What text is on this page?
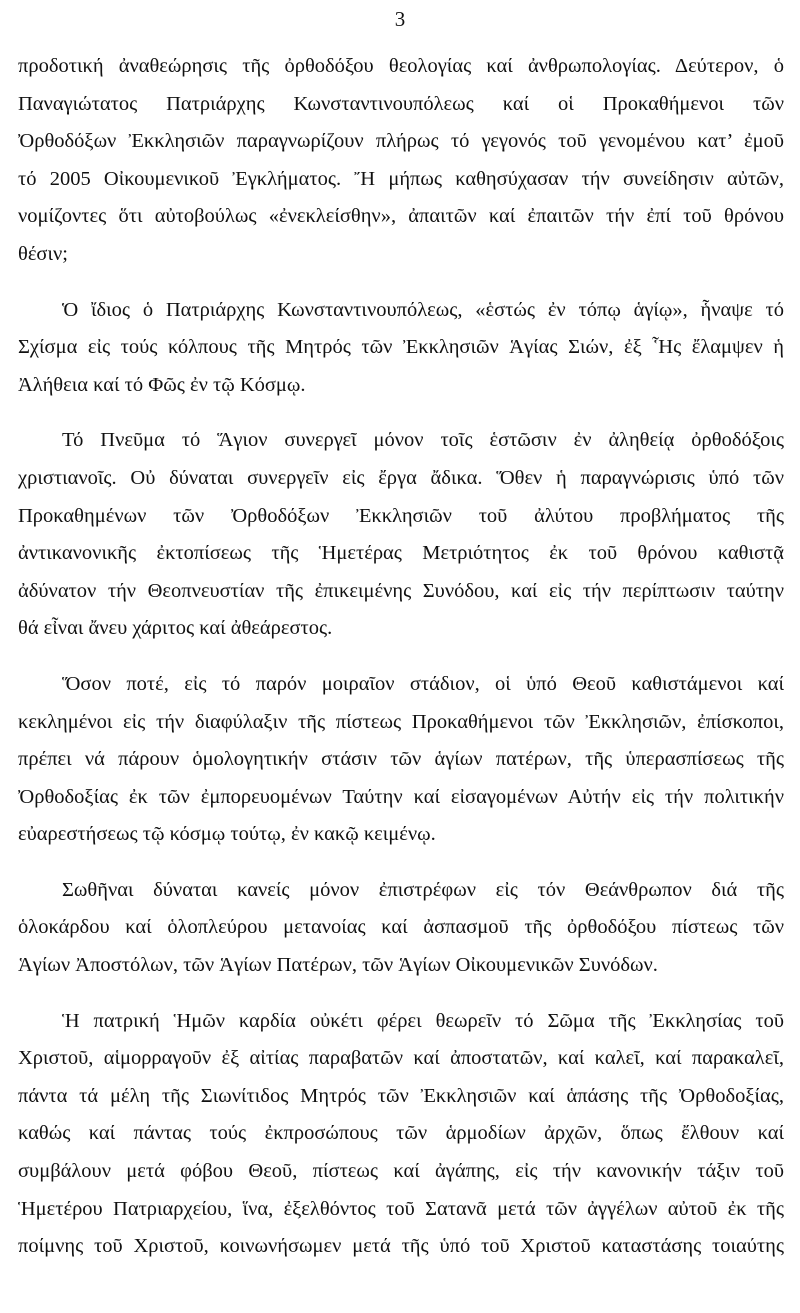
3

προδοτική ἀναθεώρησις τῆς ὀρθοδόξου θεολογίας καί ἀνθρωπολογίας. Δεύτερον, ὁ
Παναγιώτατος Πατριάρχης Κωνσταντινουπόλεως καί οἱ Προκαθήμενοι τῶν
Ὀρθοδόξων Ἐκκλησιῶν παραγνωρίζουν πλήρως τό γεγονός τοῦ γενομένου κατ’ ἐμοῦ
τό 2005 Οἰκουμενικοῦ Ἐγκλήματος. Ἤ μήπως καθησύχασαν τήν συνείδησιν αὐτῶν,
νομίζοντες ὅτι αὐτοβούλως «ἐνεκλείσθην», ἀπαιτῶν καί ἐπαιτῶν τήν ἐπί τοῦ θρόνου
θέσιν;

Ὁ ἴδιος ὁ Πατριάρχης Κωνσταντινουπόλεως, «ἑστώς ἐν τόπῳ ἁγίῳ», ἧναψε τό
Σχίσμα εἰς τούς κόλπους τῆς Μητρός τῶν Ἐκκλησιῶν Ἁγίας Σιών, ἐξ Ἧς ἔλαμψεν ἡ
Ἀλήθεια καί τό Φῶς ἐν τῷ Κόσμῳ.

Τό Πνεῦμα τό Ἅγιον συνεργεῖ μόνον τοῖς ἑστῶσιν ἐν ἀληθείᾳ ὀρθοδόξοις
χριστιανοῖς. Οὐ δύναται συνεργεῖν εἰς ἔργα ἄδικα. Ὅθεν ἡ παραγνώρισις ὑπό τῶν
Προκαθημένων τῶν Ὀρθοδόξων Ἐκκλησιῶν τοῦ ἀλύτου προβλήματος τῆς
ἀντικανονικῆς ἐκτοπίσεως τῆς Ἡμετέρας Μετριότητος ἐκ τοῦ θρόνου καθιστᾷ
ἀδύνατον τήν Θεοπνευστίαν τῆς ἐπικειμένης Συνόδου, καί εἰς τήν περίπτωσιν ταύτην
θά εἶναι ἄνευ χάριτος καί ἀθεάρεστος.

Ὅσον ποτέ, εἰς τό παρόν μοιραῖον στάδιον, οἱ ὑπό Θεοῦ καθιστάμενοι καί
κεκλημένοι εἰς τήν διαφύλαξιν τῆς πίστεως Προκαθήμενοι τῶν Ἐκκλησιῶν, ἐπίσκοποι,
πρέπει νά πάρουν ὁμολογητικήν στάσιν τῶν ἁγίων πατέρων, τῆς ὑπερασπίσεως τῆς
Ὀρθοδοξίας ἐκ τῶν ἐμπορευομένων Ταύτην καί εἰσαγομένων Αὐτήν εἰς τήν πολιτικήν
εὐαρεστήσεως τῷ κόσμῳ τούτῳ, ἐν κακῷ κειμένῳ.

Σωθῆναι δύναται κανείς μόνον ἐπιστρέφων εἰς τόν Θεάνθρωπον διά τῆς
ὁλοκάρδου καί ὁλοπλεύρου μετανοίας καί ἀσπασμοῦ τῆς ὀρθοδόξου πίστεως τῶν
Ἁγίων Ἀποστόλων, τῶν Ἁγίων Πατέρων, τῶν Ἁγίων Οἰκουμενικῶν Συνόδων.

Ἡ πατρική Ἡμῶν καρδία οὐκέτι φέρει θεωρεῖν τό Σῶμα τῆς Ἐκκλησίας τοῦ
Χριστοῦ, αἱμορραγοῦν ἐξ αἰτίας παραβατῶν καί ἀποστατῶν, καί καλεῖ, καί παρακαλεῖ,
πάντα τά μέλη τῆς Σιωνίτιδος Μητρός τῶν Ἐκκλησιῶν καί ἁπάσης τῆς Ὀρθοδοξίας,
καθώς καί πάντας τούς ἐκπροσώπους τῶν ἁρμοδίων ἀρχῶν, ὅπως ἔλθουν καί
συμβάλουν μετά φόβου Θεοῦ, πίστεως καί ἀγάπης, εἰς τήν κανονικήν τάξιν τοῦ
Ἡμετέρου Πατριαρχείου, ἵνα, ἐξελθόντος τοῦ Σατανᾶ μετά τῶν ἀγγέλων αὐτοῦ ἐκ τῆς
ποίμνης τοῦ Χριστοῦ, κοινωνήσωμεν μετά τῆς ὑπό τοῦ Χριστοῦ καταστάσης τοιαύτης
